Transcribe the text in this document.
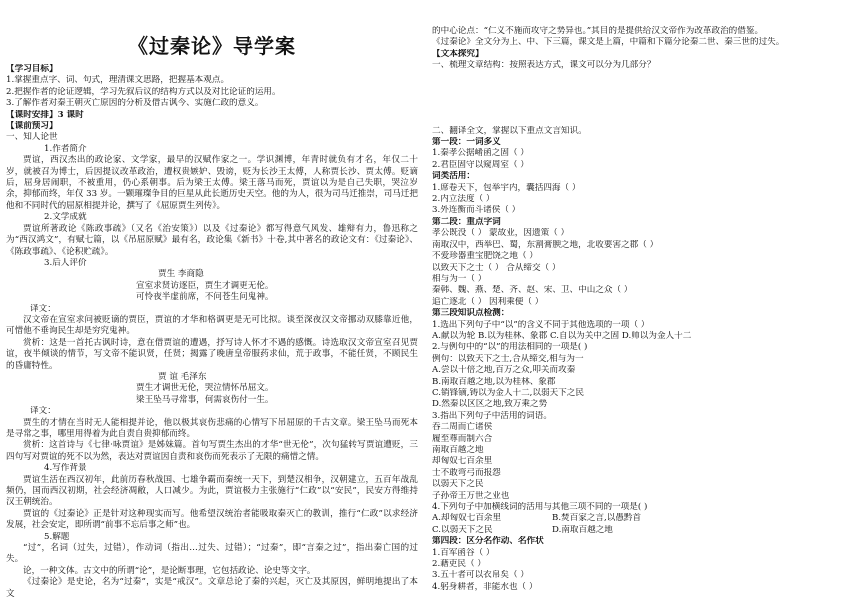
《过秦论》导学案
【学习目标】
1.掌握重点字、词、句式，理清课文思路，把握基本观点。
2.把握作者的论证逻辑，学习先叙后议的结构方式以及对比论证的运用。
3.了解作者对秦王朝灭亡原因的分析及借古讽今、实施仁政的意义。
【课时安排】3 课时
【课前预习】
一、知人论世
1.作者简介
贾谊，西汉杰出的政论家、文学家，最早的汉赋作家之一。学识渊博，年青时就负有才名，年仅二十岁，就被召为博士，后因提议改革政治，遭权贵嫉妒、毁谤，贬为长沙王太傅，人称贾长沙、贾太傅。贬谪后，屈身居闹职，不被重用，仍心系朝事。后为梁王太傅。梁王落马而死，贾谊以为是自己失职，哭泣岁余，抑郁而终，年仅 33 岁。一颗璀璨争目的巨星从此长逝历史天空。他的为人，很为司马迁推崇，司马迁把他和不同时代的屈原相提并论，撰写了《屈原贾生列传》。
2.文学成就
贾谊所著政论《陈政事疏》（又名《治安策》）以及《过秦论》都写得意气风发、雄辩有力，鲁迅称之为“西汉鸿文”，有赋七篇，以《吊屈原赋》最有名，政论集《新书》十卷,其中著名的政论文有：《过秦论》、《陈政事疏》、《论积贮疏》。
3.后人评价
贾生 李商隐
宣室求贤访逐臣，贾生才调更无伦。
可怜夜半虚前席，不问苍生问鬼神。
译文：
汉文帝在宣室求问被贬谪的贾臣，贾谊的才华和格调更是无可比拟。谈至深夜汉文帝挪动双膝靠近他，可惜他不垂询民生却是穷究鬼神。
赏析：这是一首托古讽时诗，意在借贾谊的遭遇，抒写诗人怀才不遇的感慨。诗选取汉文帝宣室召见贾谊，夜半倾谈的情节，写文帝不能识贤，任贤；揭露了晚唐皇帝服药求仙，荒于政事，不能任贤，不顾民生的昏庸特性。
贾 谊 毛泽东
贾生才调世无伦，哭泣情怀吊屈文。
梁王坠马寻常事，何需哀伤付一生。
译文：
贾生的才情在当时无人能相提并论，他以极其哀伤悲痛的心情写下吊屈原的千古文章。梁王坠马而死本是寻常之事，哪里用得着为此自责自贵抑郁而终。
赏析：这首诗与《七律·咏贾谊》是姊妹篇。首句写贾生杰出的才华“世无伦”，次句猛转写贾谊遭贬，三四句写对贾谊的死不以为然，表达对贾谊因自责和哀伤而死表示了无限的痛惜之情。
4.写作背景
贾谊生活在西汉初年，此前历春秋战国、七雄争霸而秦统一天下，到楚汉相争，汉朝建立，五百年战乱频仍，国而西汉初期，社会经济凋敝，人口减少。为此，贾谊极力主张施行“仁政”以“安民”，民安方得维持汉王朝统治。
贾谊的《过秦论》正是针对这种现实而写。他希望汉统治者能吸取秦灭亡的教训，推行“仁政”以求经济发展，社会安定，即所谓“前事不忘后事之师”也。
5.解题
“过”，名词（过失，过错），作动词（指出…过失、过错）；“过秦”，即“言秦之过”，指出秦亡国的过失。
论，一种文体。古文中的所谓“论”，是论断事理，它包括政论、论史等文字。
《过秦论》是史论，名为“过秦”，实是“戒汉”。文章总论了秦的兴起，灭亡及其原因，鲜明地提出了本文
的中心论点：“仁义不施而攻守之势异也。”其目的是提供给汉文帝作为改革政治的借鉴。
《过秦论》全文分为上、中、下三篇，课文是上篇，中篇和下篇分论秦二世、秦三世的过失。
【文本探究】
一、梳理文章结构：按照表达方式，课文可以分为几部分？
二、翻译全文，掌握以下重点文言知识。
第一段：一词多义
1.秦孝公据崤函之固（ ）
2.君臣固守以窥周室（ ）
词类活用：
1.席卷天下，包举宇内，囊括四海（ ）
2.内立法度（ ）
3.外连衡而斗诸侯（ ）
第二段：重点字词
孝公既没（ ） 蒙故业，因遗策（ ）
南取汉中，西举巴、蜀，东割膏腴之地，北收要害之郡（ ）
不爱珍器重宝肥饶之地（ ）
以致天下之士（ ） 合从缔交（ ）
相与为一（ ）
秦韩、魏、燕、楚、齐、赵、宋、卫、中山之众（ ）
追亡逐北（ ） 因利乘便（ ）
第三段知识点检测：
1.选出下列句子中“以”的含义不同于其他选项的一项（ ）
A.献以为轮 B.以为桂林、象郡 C.自以为关中之固 D.帅以为金人十二
2.与例句中的“以”的用法相同的一项是( )
例句：以致天下之士,合从缔交,相与为一
A.尝以十倍之地,百万之众,叩关而攻秦
B.南取百越之地,以为桂林、象郡
C.销锋镝,铸以为金人十二,以弱天下之民
D.然秦以区区之地,致万乘之势
3.指出下列句子中活用的词语。
吞二周而亡诸侯
履至尊而制六合
南取百越之地
却匈奴七百余里
士不敢弯弓而报怨
以弱天下之民
子孙帝王万世之业也
4.下列句子中加横线词的活用与其他三项不同的一项是( )
A.却匈奴七百余里	B.焚百家之言,以愚黔首
C.以弱天下之民	D.南取百越之地
第四段：区分名作动、名作状
1.百军函谷（ ）
2.藉吏民（ ）
3.五十者可以衣帛矣（ ）
4.躬身耕者，非能水也（ ）
